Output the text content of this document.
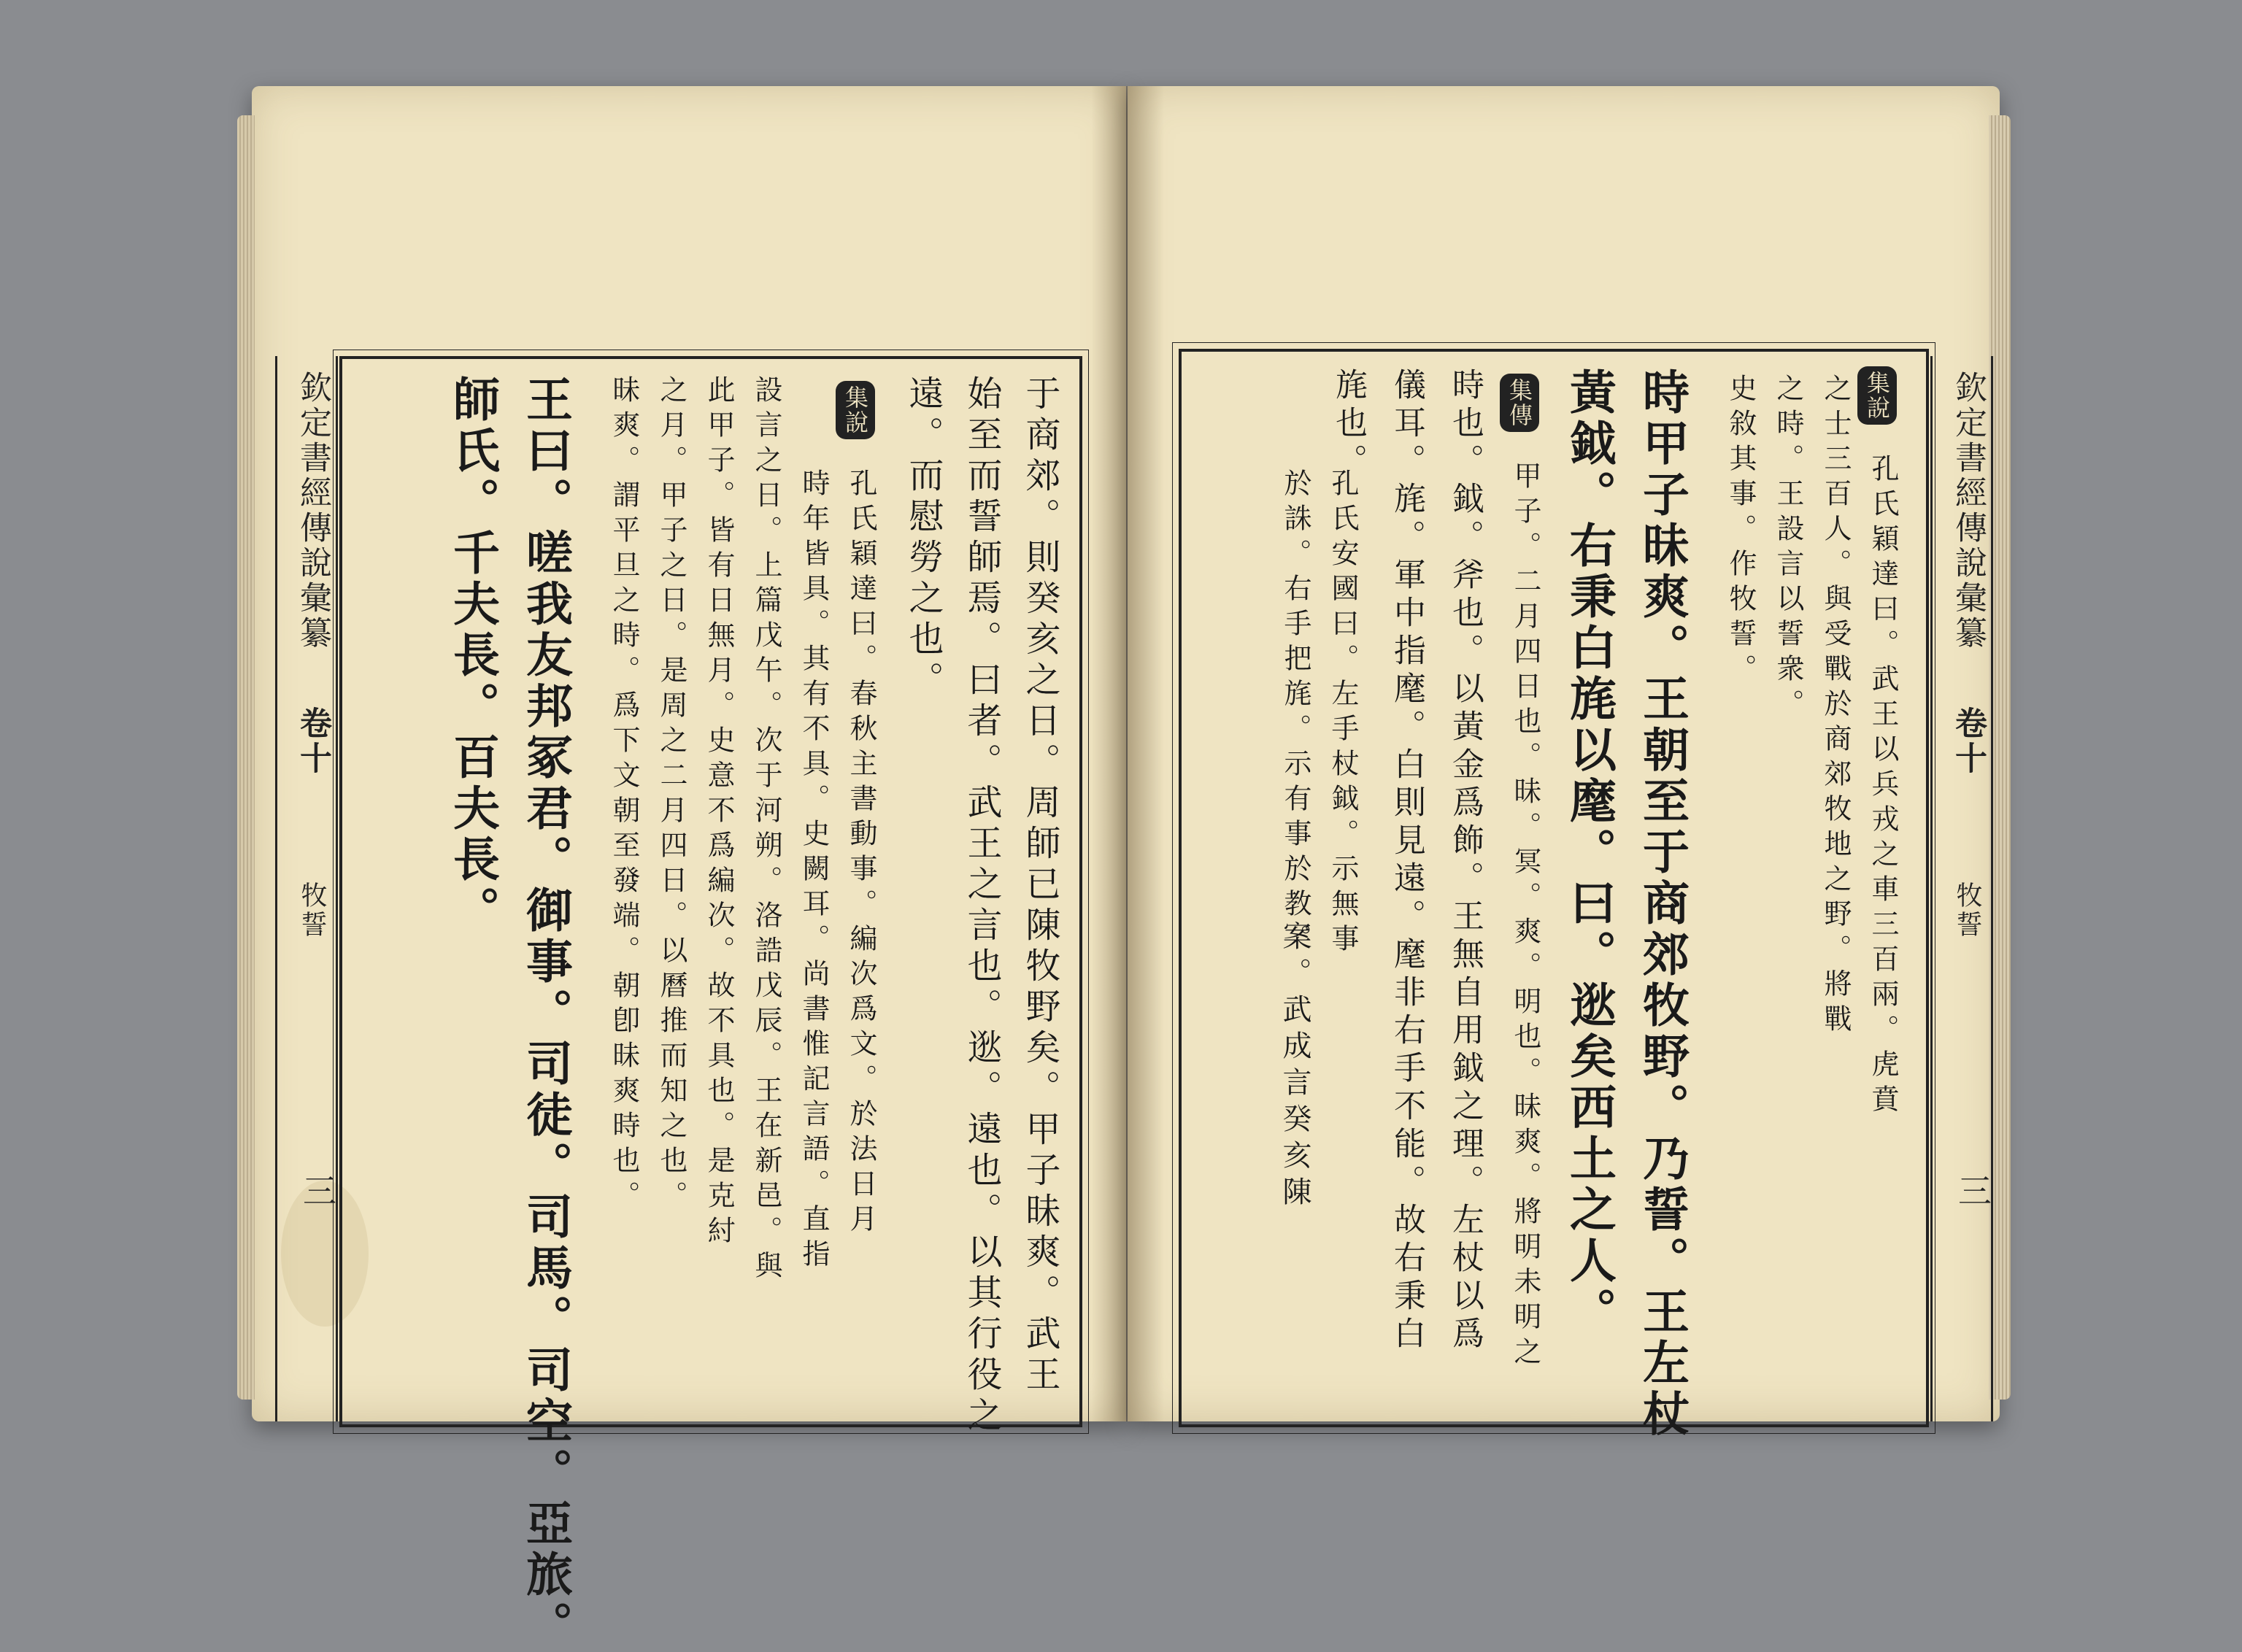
欽定書經傳說彙纂
卷十
牧誓
三	于商郊。則癸亥之日。周師已陳牧野矣。甲子昧爽。武王
始至而誓師焉。曰者。武王之言也。逖。遠也。以其行役之
遠。而慰勞之也。
集說
孔氏穎達曰。春秋主書動事。編次爲文。於法日月
時年皆具。其有不具。史闕耳。尚書惟記言語。直指
設言之日。上篇戊午。次于河朔。洛誥戊辰。王在新邑。與
此甲子。皆有日無月。史意不爲編次。故不具也。是克紂
之月。甲子之日。是周之二月四日。以曆推而知之也。
昧爽。謂平旦之時。爲下文朝至發端。朝卽昧爽時也。
王曰。嗟我友邦冢君。御事。司徒。司馬。司空。亞旅。
師氏。千夫長。百夫長。	集說
孔氏穎達曰。武王以兵戎之車三百兩。虎賁
之士三百人。與受戰於商郊牧地之野。將戰
之時。王設言以誓衆。
史敘其事。作牧誓。
時甲子昧爽。王朝至于商郊牧野。乃誓。王左杖
黃鉞。右秉白旄以麾。曰。逖矣西土之人。
集傳
甲子。二月四日也。昧。冥。爽。明也。昧爽。將明未明之
時也。鉞。斧也。以黃金爲飾。王無自用鉞之理。左杖以爲
儀耳。旄。軍中指麾。白則見遠。麾非右手不能。故右秉白
旄也。
孔氏安國曰。左手杖鉞。示無事
於誅。右手把旄。示有事於教。
案。武成言癸亥陳
欽定書經傳說彙纂
卷十
牧誓
三
